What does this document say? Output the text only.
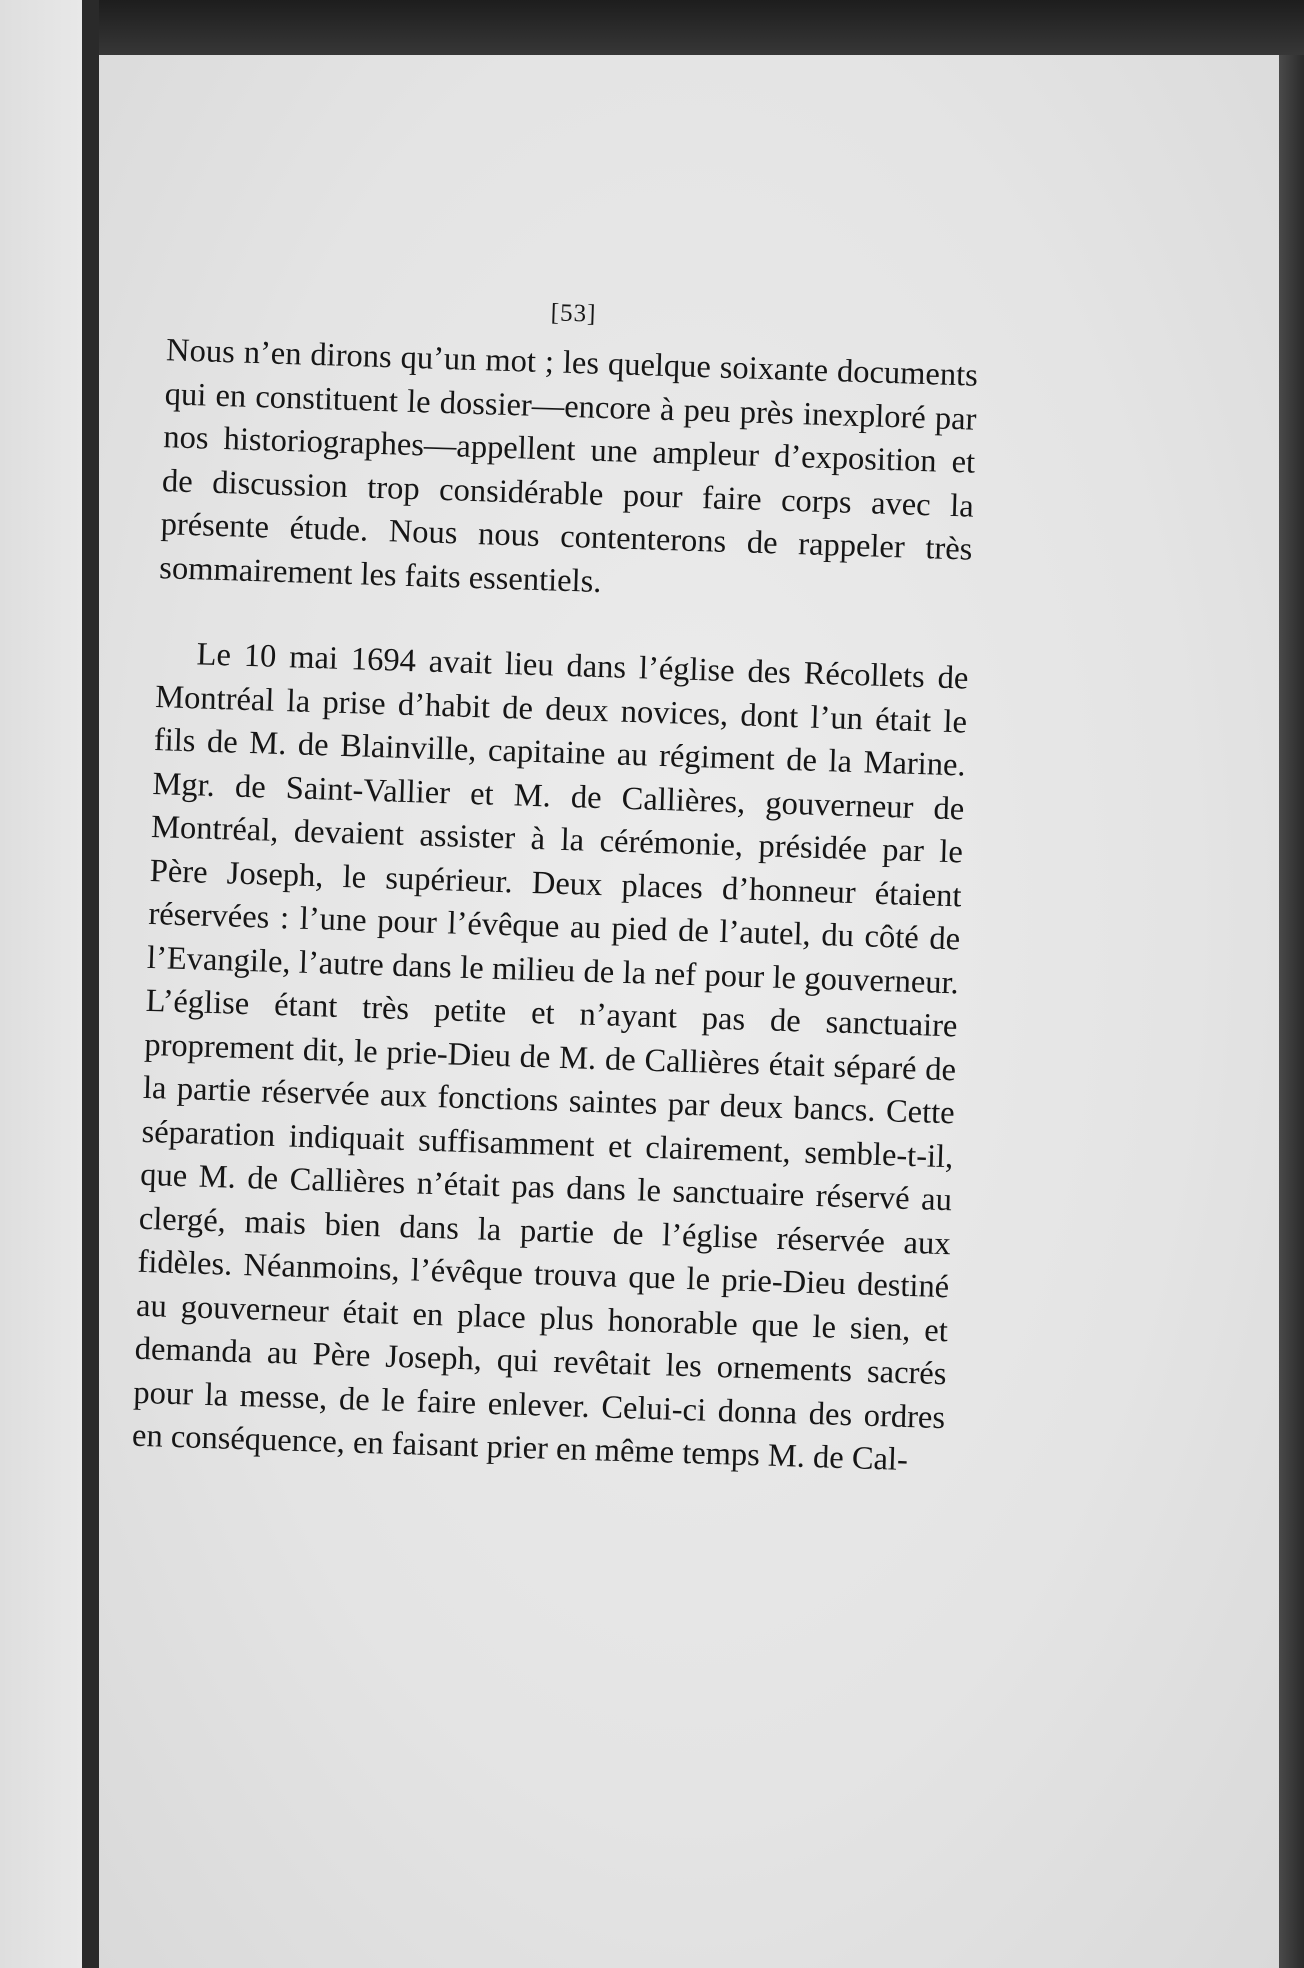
[53]

Nous n’en dirons qu’un mot ; les quelque soixante documents qui en constituent le dossier—encore à peu près inexploré par nos historiographes—appellent une ampleur d’exposition et de discussion trop considérable pour faire corps avec la présente étude. Nous nous contenterons de rappeler très sommairement les faits essentiels.

Le 10 mai 1694 avait lieu dans l’église des Récollets de Montréal la prise d’habit de deux novices, dont l’un était le fils de M. de Blainville, capitaine au régiment de la Marine. Mgr. de Saint-Vallier et M. de Callières, gouverneur de Montréal, devaient assister à la cérémonie, présidée par le Père Joseph, le supérieur. Deux places d’honneur étaient réservées : l’une pour l’évêque au pied de l’autel, du côté de l’Evangile, l’autre dans le milieu de la nef pour le gouverneur. L’église étant très petite et n’ayant pas de sanctuaire proprement dit, le prie-Dieu de M. de Callières était séparé de la partie réservée aux fonctions saintes par deux bancs. Cette séparation indiquait suffisamment et clairement, semble-t-il, que M. de Callières n’était pas dans le sanctuaire réservé au clergé, mais bien dans la partie de l’église réservée aux fidèles. Néanmoins, l’évêque trouva que le prie-Dieu destiné au gouverneur était en place plus honorable que le sien, et demanda au Père Joseph, qui revêtait les ornements sacrés pour la messe, de le faire enlever. Celui-ci donna des ordres en conséquence, en faisant prier en même temps M. de Cal-
